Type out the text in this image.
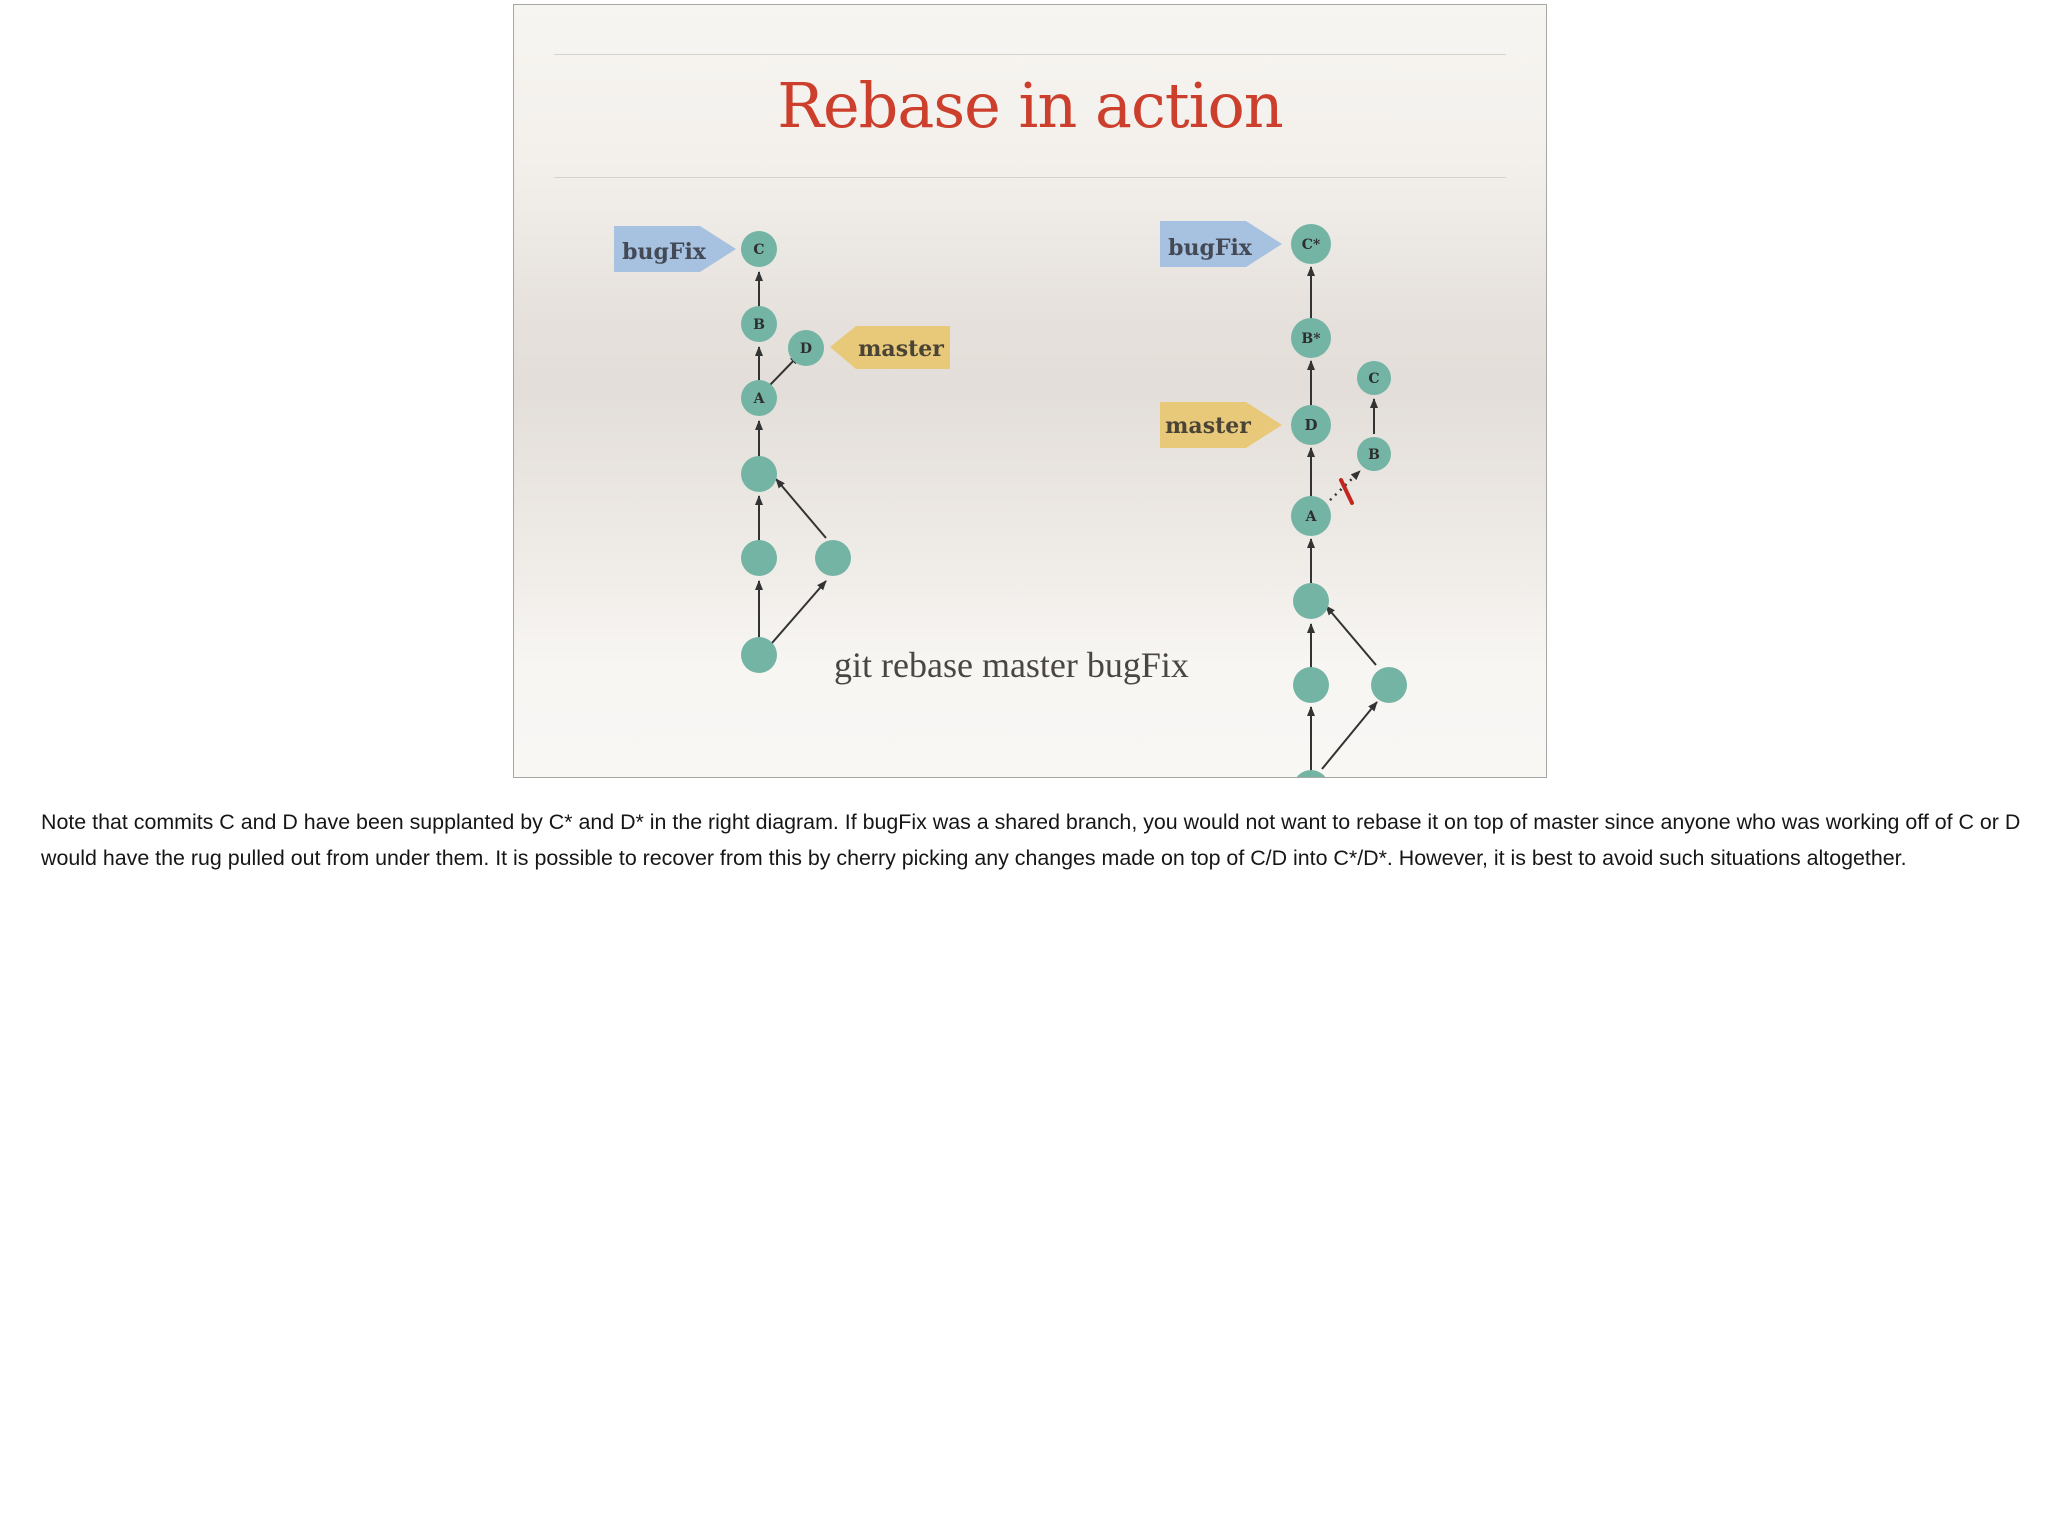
Rebase in action
A
B
C
D
bugFix
master
A
D
B*
C*
B
C
bugFix
master
git rebase master bugFix

Note that commits C and D have been supplanted by C* and D* in the right diagram. If bugFix was a shared branch, you would not want to rebase it on top of master since anyone who was working off of C or D would have the rug pulled out from under them. It is possible to recover from this by cherry picking any changes made on top of C/D into C*/D*. However, it is best to avoid such situations altogether.
